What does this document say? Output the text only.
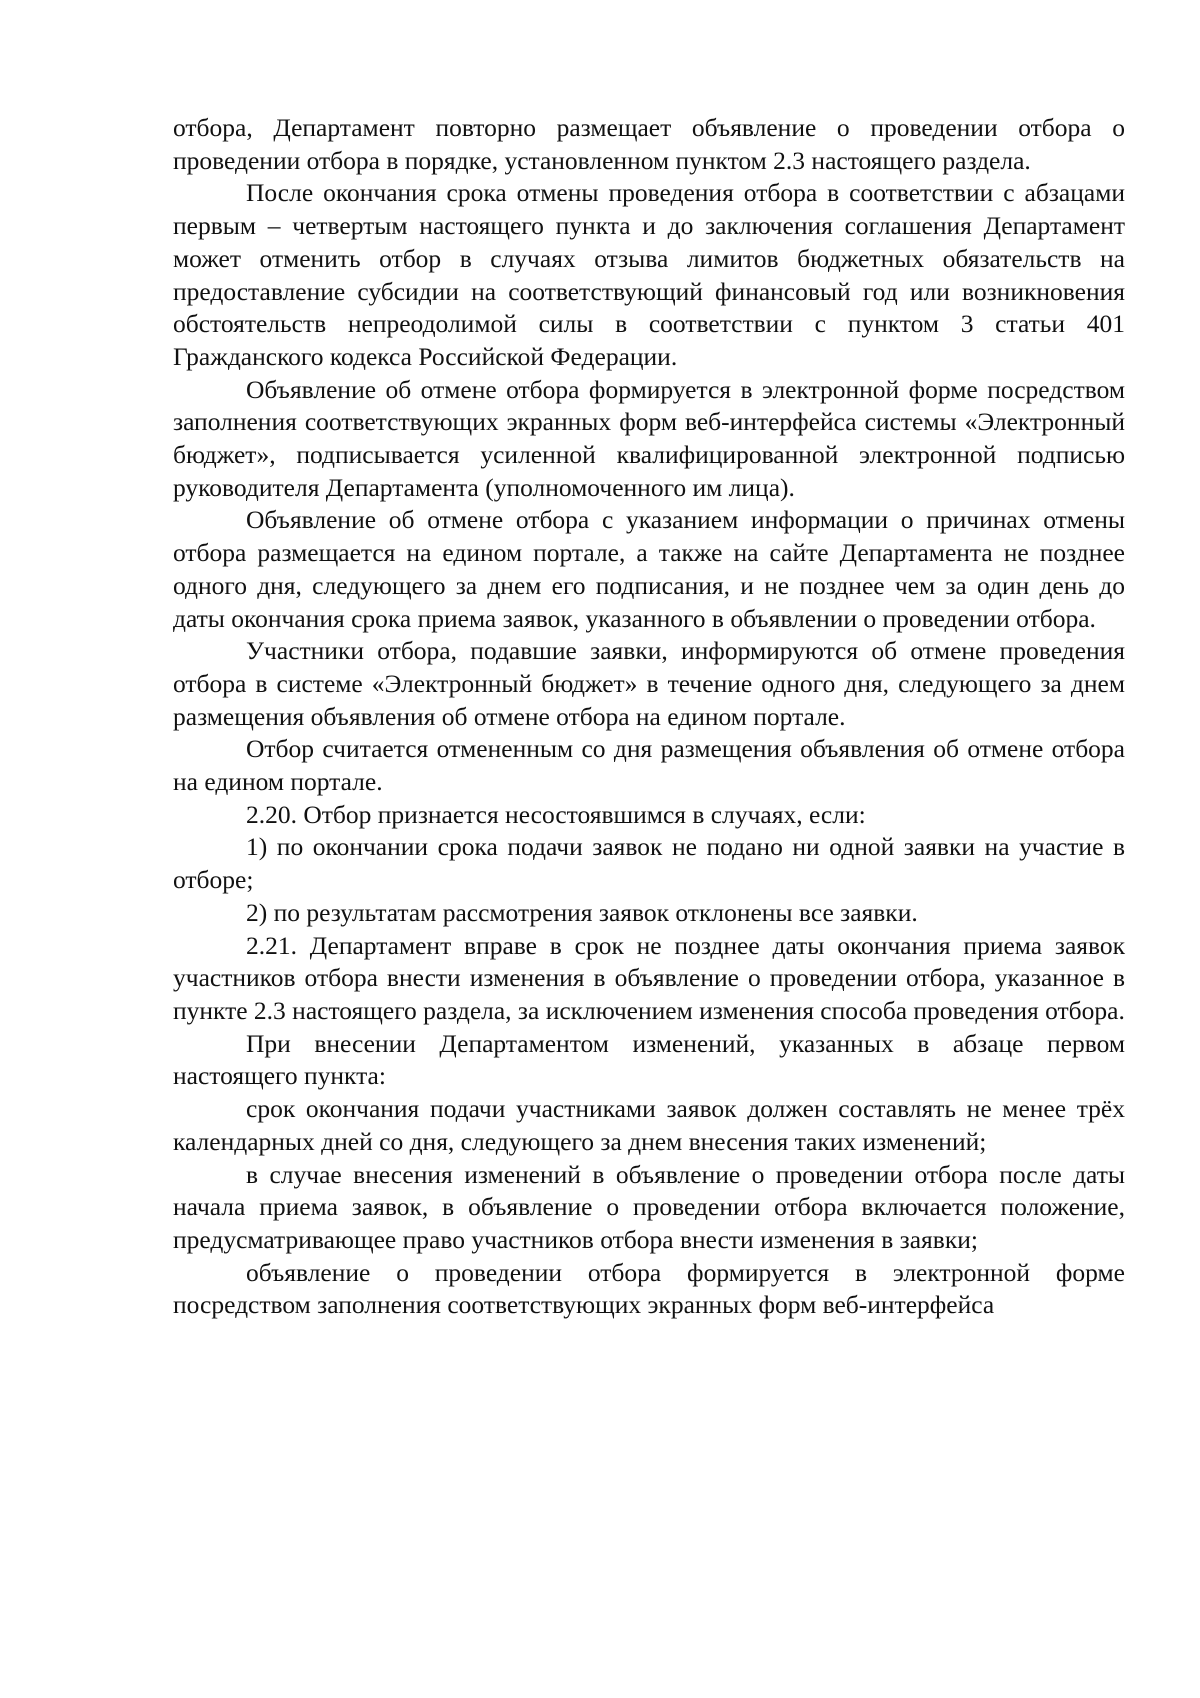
отбора, Департамент повторно размещает объявление о проведении отбора о проведении отбора в порядке, установленном пунктом 2.3 настоящего раздела.

После окончания срока отмены проведения отбора в соответствии с абзацами первым – четвертым настоящего пункта и до заключения соглашения Департамент может отменить отбор в случаях отзыва лимитов бюджетных обязательств на предоставление субсидии на соответствующий финансовый год или возникновения обстоятельств непреодолимой силы в соответствии с пунктом 3 статьи 401 Гражданского кодекса Российской Федерации.

Объявление об отмене отбора формируется в электронной форме посредством заполнения соответствующих экранных форм веб-интерфейса системы «Электронный бюджет», подписывается усиленной квалифицированной электронной подписью руководителя Департамента (уполномоченного им лица).

Объявление об отмене отбора с указанием информации о причинах отмены отбора размещается на едином портале, а также на сайте Департамента не позднее одного дня, следующего за днем его подписания, и не позднее чем за один день до даты окончания срока приема заявок, указанного в объявлении о проведении отбора.

Участники отбора, подавшие заявки, информируются об отмене проведения отбора в системе «Электронный бюджет» в течение одного дня, следующего за днем размещения объявления об отмене отбора на едином портале.

Отбор считается отмененным со дня размещения объявления об отмене отбора на едином портале.

2.20. Отбор признается несостоявшимся в случаях, если:

1) по окончании срока подачи заявок не подано ни одной заявки на участие в отборе;

2) по результатам рассмотрения заявок отклонены все заявки.

2.21. Департамент вправе в срок не позднее даты окончания приема заявок участников отбора внести изменения в объявление о проведении отбора, указанное в пункте 2.3 настоящего раздела, за исключением изменения способа проведения отбора.

При внесении Департаментом изменений, указанных в абзаце первом настоящего пункта:

срок окончания подачи участниками заявок должен составлять не менее трёх календарных дней со дня, следующего за днем внесения таких изменений;

в случае внесения изменений в объявление о проведении отбора после даты начала приема заявок, в объявление о проведении отбора включается положение, предусматривающее право участников отбора внести изменения в заявки;

объявление о проведении отбора формируется в электронной форме посредством заполнения соответствующих экранных форм веб-интерфейса
